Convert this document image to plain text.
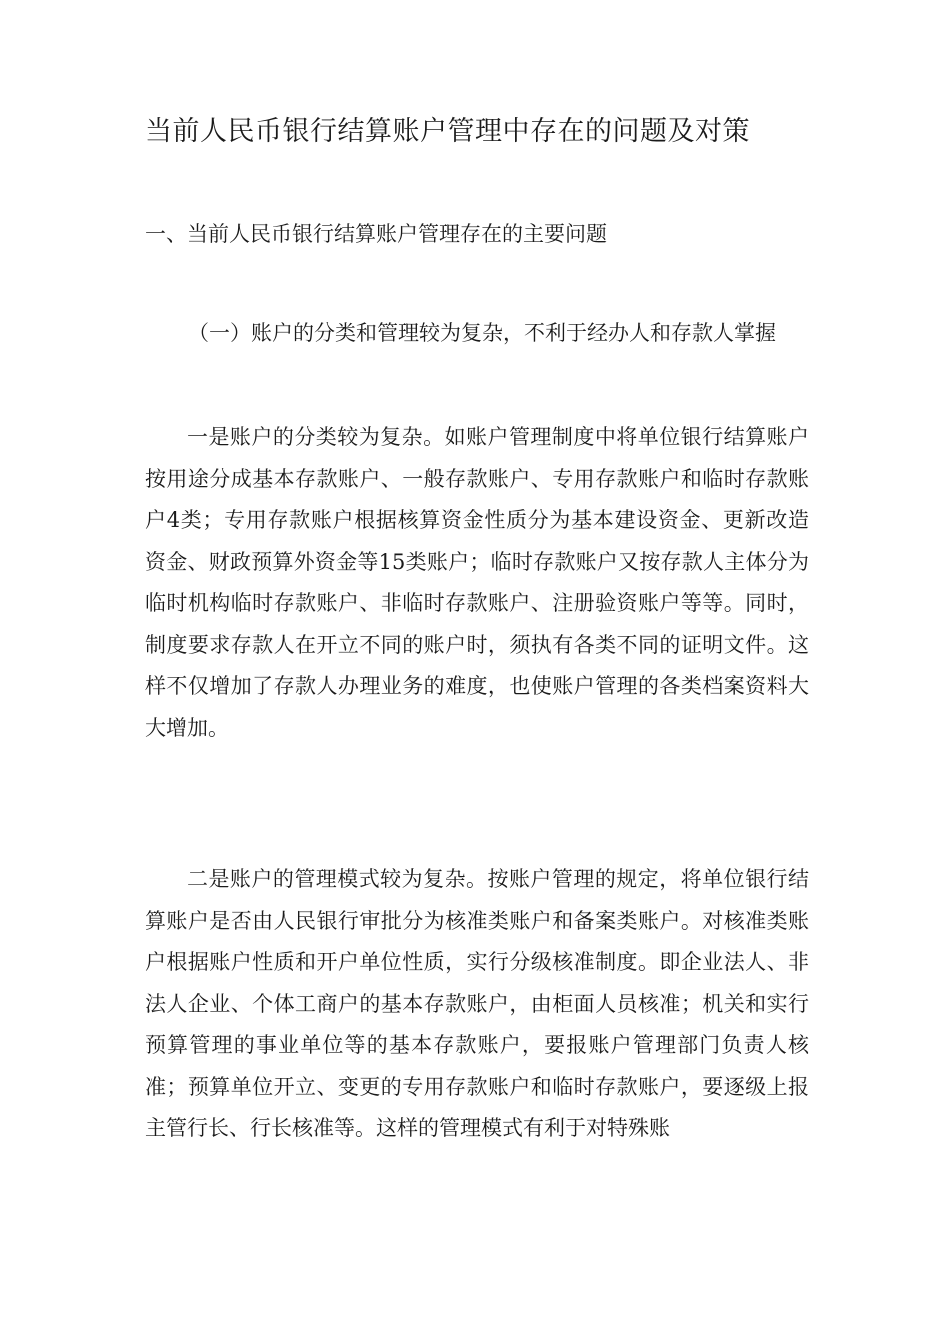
当前人民币银行结算账户管理中存在的问题及对策
一、当前人民币银行结算账户管理存在的主要问题
（一）账户的分类和管理较为复杂，不利于经办人和存款人掌握

一是账户的分类较为复杂。如账户管理制度中将单位银行结算账户按用途分成基本存款账户、一般存款账户、专用存款账户和临时存款账户4类；专用存款账户根据核算资金性质分为基本建设资金、更新改造资金、财政预算外资金等15类账户；临时存款账户又按存款人主体分为临时机构临时存款账户、非临时存款账户、注册验资账户等等。同时，制度要求存款人在开立不同的账户时，须执有各类不同的证明文件。这样不仅增加了存款人办理业务的难度，也使账户管理的各类档案资料大大增加。

二是账户的管理模式较为复杂。按账户管理的规定，将单位银行结算账户是否由人民银行审批分为核准类账户和备案类账户。对核准类账户根据账户性质和开户单位性质，实行分级核准制度。即企业法人、非法人企业、个体工商户的基本存款账户，由柜面人员核准；机关和实行预算管理的事业单位等的基本存款账户，要报账户管理部门负责人核准；预算单位开立、变更的专用存款账户和临时存款账户，要逐级上报主管行长、行长核准等。这样的管理模式有利于对特殊账
